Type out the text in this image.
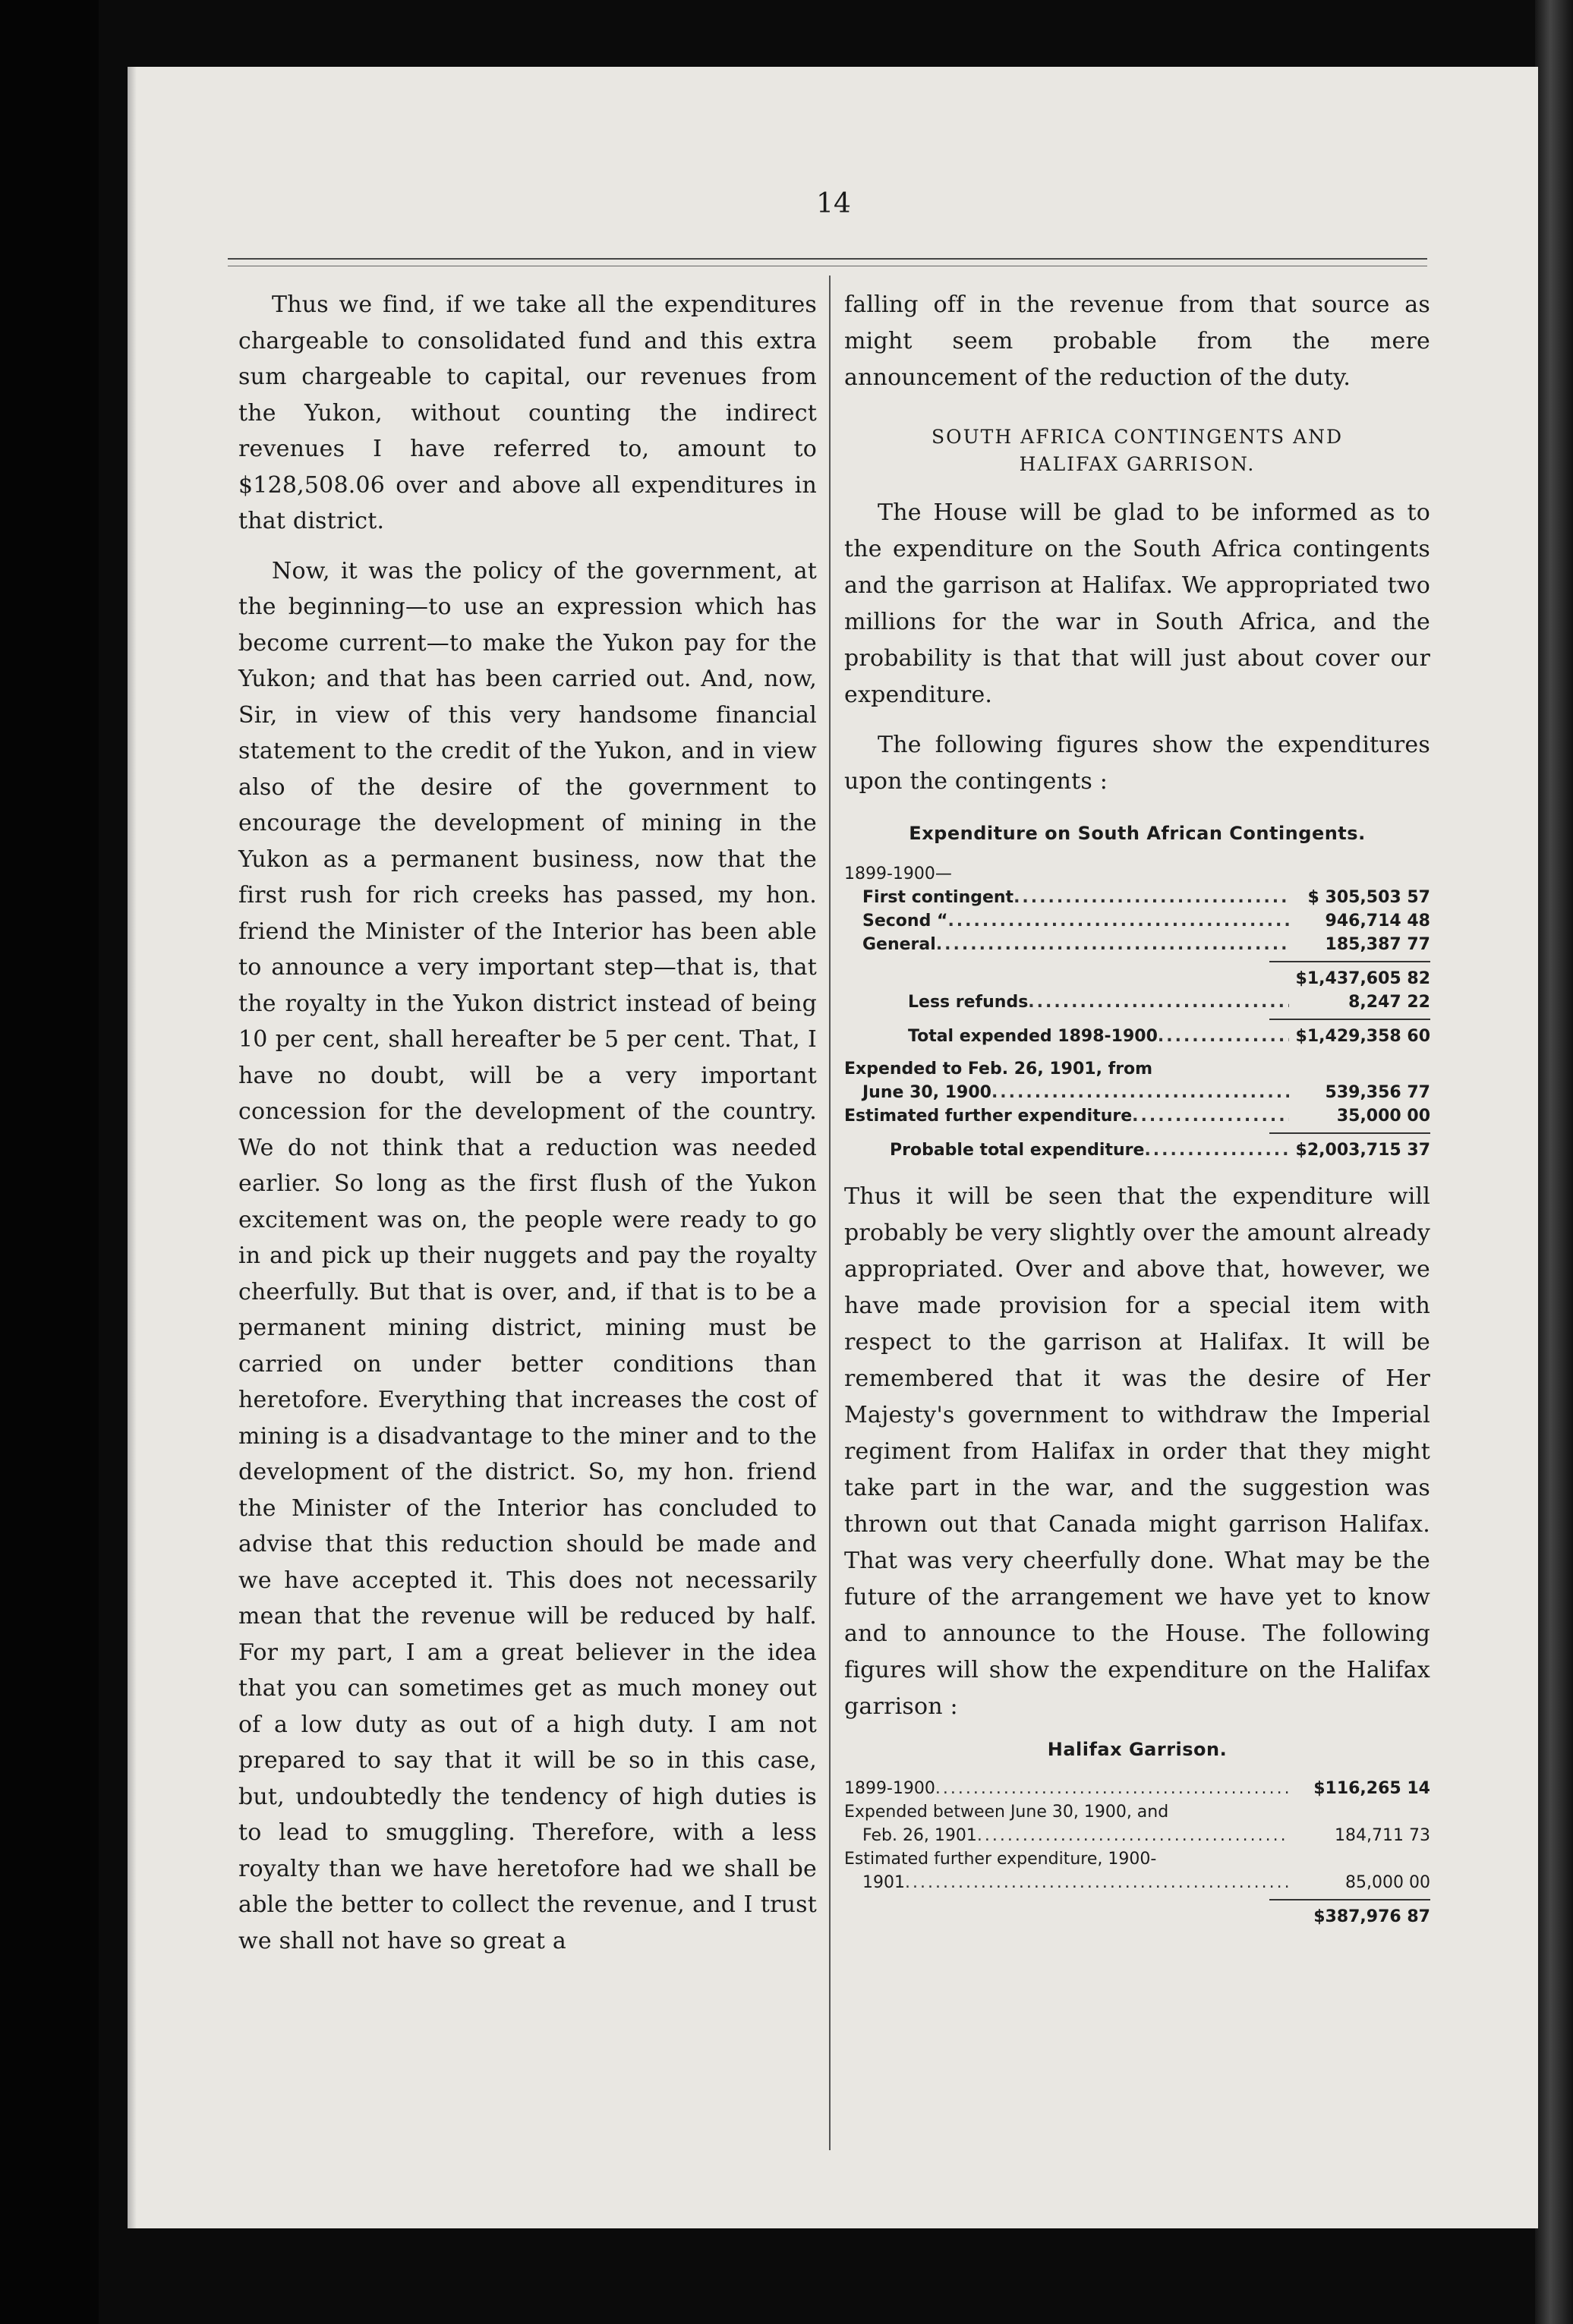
14

Thus we find, if we take all the expenditures chargeable to consolidated fund and this extra sum chargeable to capital, our revenues from the Yukon, without counting the indirect revenues I have referred to, amount to $128,508.06 over and above all expenditures in that district.

Now, it was the policy of the government, at the beginning—to use an expression which has become current—to make the Yukon pay for the Yukon; and that has been carried out. And, now, Sir, in view of this very handsome financial statement to the credit of the Yukon, and in view also of the desire of the government to encourage the development of mining in the Yukon as a permanent business, now that the first rush for rich creeks has passed, my hon. friend the Minister of the Interior has been able to announce a very important step—that is, that the royalty in the Yukon district instead of being 10 per cent, shall hereafter be 5 per cent. That, I have no doubt, will be a very important concession for the development of the country. We do not think that a reduction was needed earlier. So long as the first flush of the Yukon excitement was on, the people were ready to go in and pick up their nuggets and pay the royalty cheerfully. But that is over, and, if that is to be a permanent mining district, mining must be carried on under better conditions than heretofore. Everything that increases the cost of mining is a disadvantage to the miner and to the development of the district. So, my hon. friend the Minister of the Interior has concluded to advise that this reduction should be made and we have accepted it. This does not necessarily mean that the revenue will be reduced by half. For my part, I am a great believer in the idea that you can sometimes get as much money out of a low duty as out of a high duty. I am not prepared to say that it will be so in this case, but, undoubtedly the tendency of high duties is to lead to smuggling. Therefore, with a less royalty than we have heretofore had we shall be able the better to collect the revenue, and I trust we shall not have so great a

falling off in the revenue from that source as might seem probable from the mere announcement of the reduction of the duty.

SOUTH AFRICA CONTINGENTS AND
HALIFAX GARRISON.

The House will be glad to be informed as to the expenditure on the South Africa contingents and the garrison at Halifax. We appropriated two millions for the war in South Africa, and the probability is that that will just about cover our expenditure.

The following figures show the expenditures upon the contingents :

Expenditure on South African Contingents.
1899-1900—
First contingent .....	$ 305,503 57
Second “ .....	946,714 48
General .....	185,387 77
$1,437,605 82
Less refunds .....	8,247 22
Total expended 1898-1900 .....	$1,429,358 60
Expended to Feb. 26, 1901, from
June 30, 1900 .....	539,356 77
Estimated further expenditure .....	35,000 00
Probable total expenditure .....	$2,003,715 37

Thus it will be seen that the expenditure will probably be very slightly over the amount already appropriated. Over and above that, however, we have made provision for a special item with respect to the garrison at Halifax. It will be remembered that it was the desire of Her Majesty's government to withdraw the Imperial regiment from Halifax in order that they might take part in the war, and the suggestion was thrown out that Canada might garrison Halifax. That was very cheerfully done. What may be the future of the arrangement we have yet to know and to announce to the House. The following figures will show the expenditure on the Halifax garrison :

Halifax Garrison.
1899-1900 .....	$116,265 14
Expended between June 30, 1900, and
Feb. 26, 1901 .....	184,711 73
Estimated further expenditure, 1900-
1901 .....	85,000 00
$387,976 87
